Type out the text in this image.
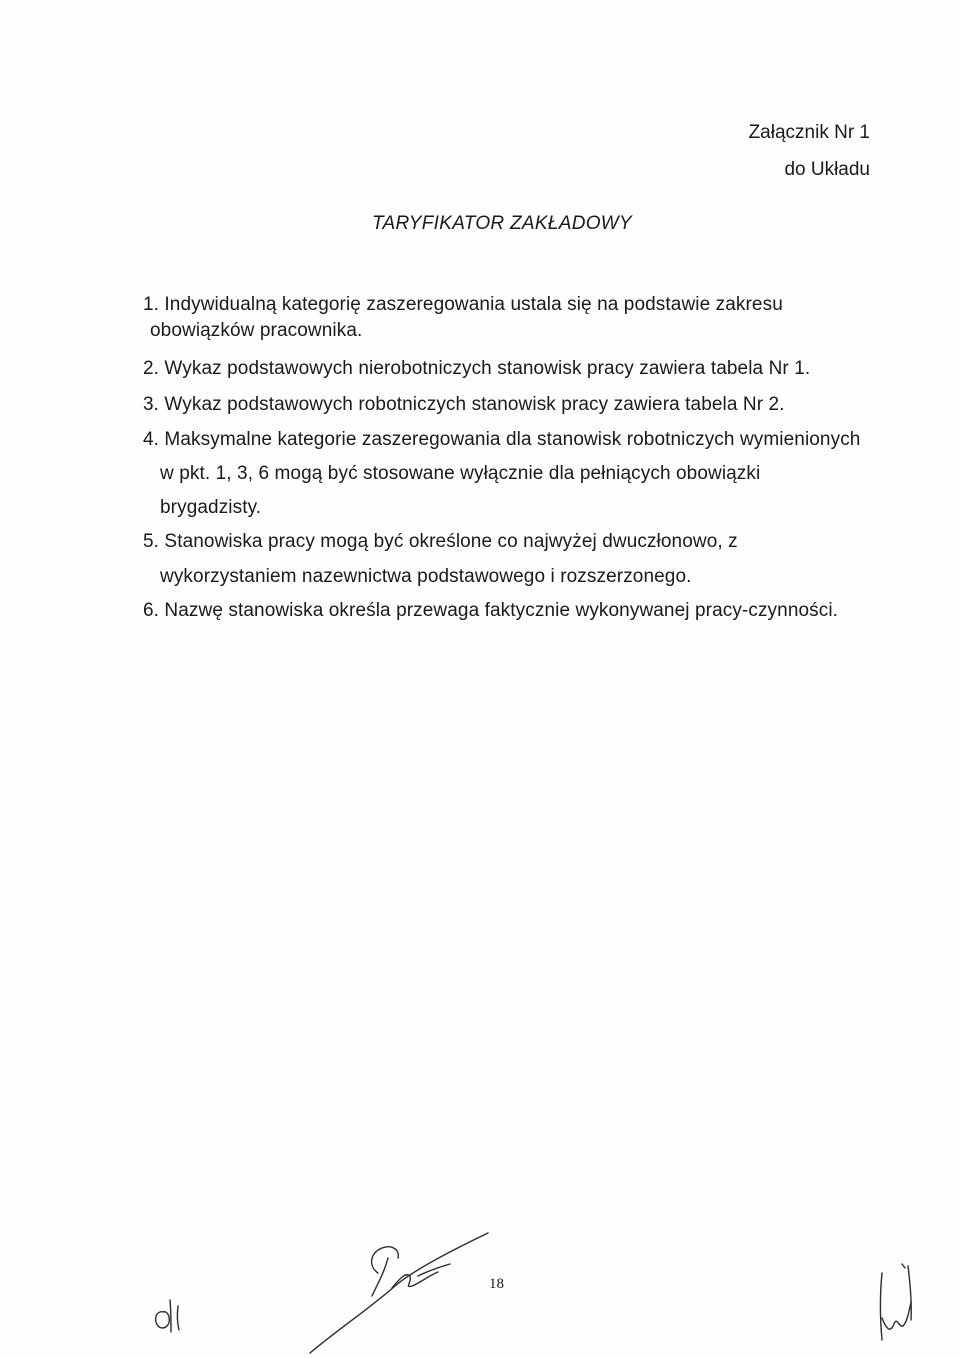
Załącznik Nr 1
do Układu
TARYFIKATOR ZAKŁADOWY
1. Indywidualną kategorię zaszeregowania ustala się na podstawie zakresu
obowiązków pracownika.
2. Wykaz podstawowych nierobotniczych stanowisk pracy zawiera tabela Nr 1.
3. Wykaz podstawowych robotniczych stanowisk pracy zawiera tabela Nr 2.
4. Maksymalne kategorie zaszeregowania dla stanowisk robotniczych wymienionych
w pkt. 1, 3, 6 mogą być stosowane wyłącznie dla pełniących obowiązki
brygadzisty.
5. Stanowiska pracy mogą być określone co najwyżej dwuczłonowo, z
wykorzystaniem nazewnictwa podstawowego i rozszerzonego.
6. Nazwę stanowiska określa przewaga faktycznie wykonywanej pracy-czynności.
18
